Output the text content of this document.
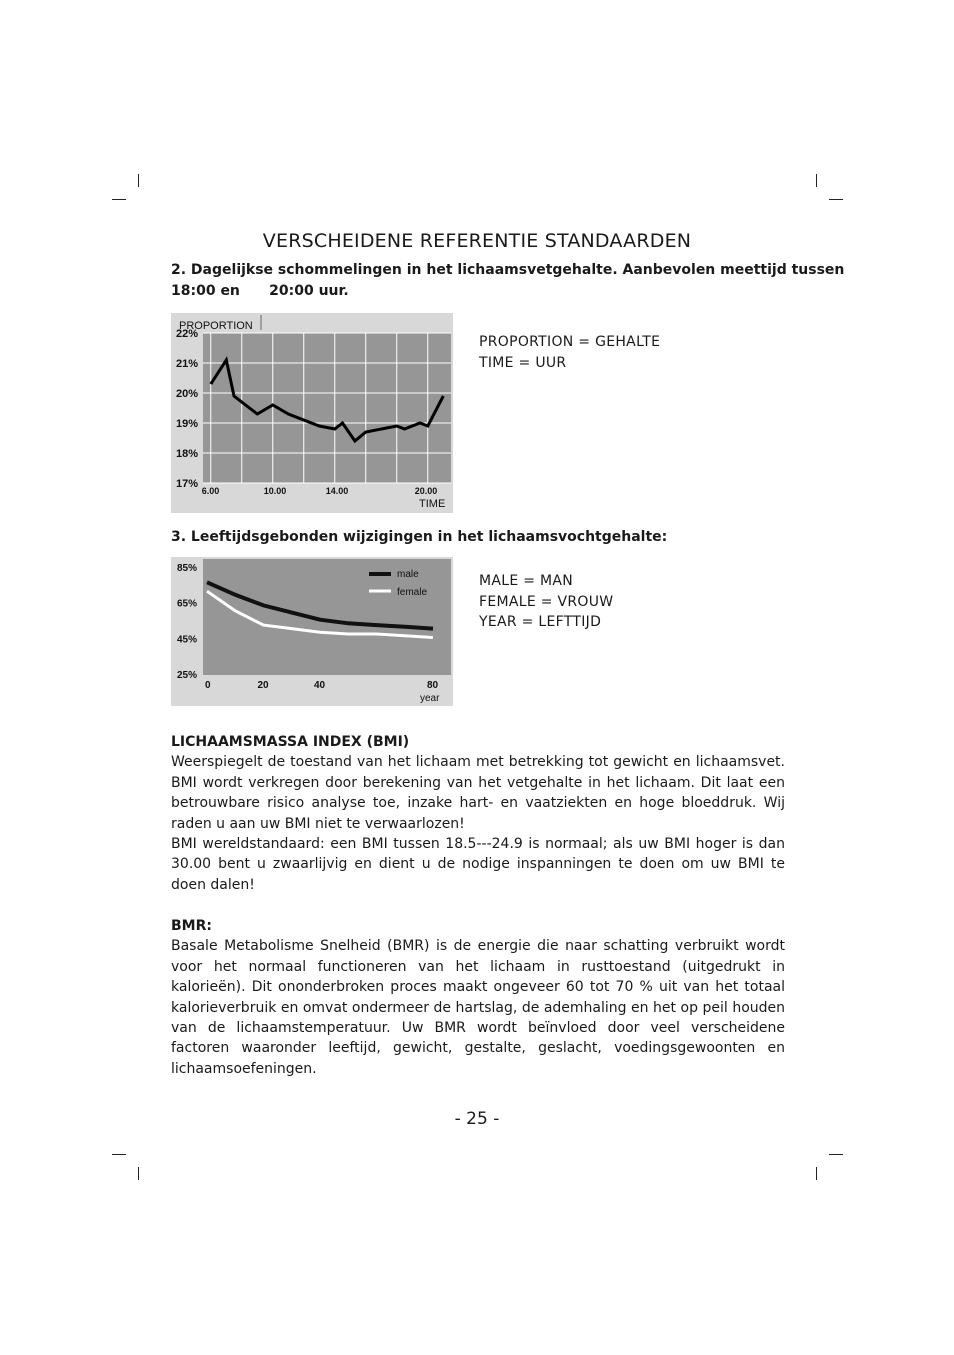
VERSCHEIDENE REFERENTIE STANDAARDEN
2. Dagelijkse schommelingen in het lichaamsvetgehalte. Aanbevolen meettijd tussen
18:00 en      20:00 uur.
PROPORTION
22%
21%
20%
19%
18%
17%
6.00	10.00	14.00	20.00
TIME
PROPORTION = GEHALTE
TIME = UUR
3. Leeftijdsgebonden wijzigingen in het lichaamsvochtgehalte:
85%
65%
45%
25%
0	20	40	80
male
female
year
MALE = MAN
FEMALE = VROUW
YEAR = LEFTTIJD
LICHAAMSMASSA INDEX (BMI)

Weerspiegelt de toestand van het lichaam met betrekking tot gewicht en lichaamsvet. BMI wordt verkregen door berekening van het vetgehalte in het lichaam. Dit laat een betrouwbare risico analyse toe, inzake hart- en vaatziekten en hoge bloeddruk. Wij raden u aan uw BMI niet te verwaarlozen!

BMI wereldstandaard: een BMI tussen 18.5---24.9 is normaal; als uw BMI hoger is dan 30.00 bent u zwaarlijvig en dient u de nodige inspanningen te doen om uw BMI te doen dalen!

BMR:

Basale Metabolisme Snelheid (BMR) is de energie die naar schatting verbruikt wordt voor het normaal functioneren van het lichaam in rusttoestand (uitgedrukt in kalorieën). Dit ononderbroken proces maakt ongeveer 60 tot 70 % uit van het totaal kalorieverbruik en omvat ondermeer de hartslag, de ademhaling en het op peil houden van de lichaamstemperatuur. Uw BMR wordt beïnvloed door veel verscheidene factoren waaronder leeftijd, gewicht, gestalte, geslacht, voedingsgewoonten en lichaamsoefeningen.

- 25 -
